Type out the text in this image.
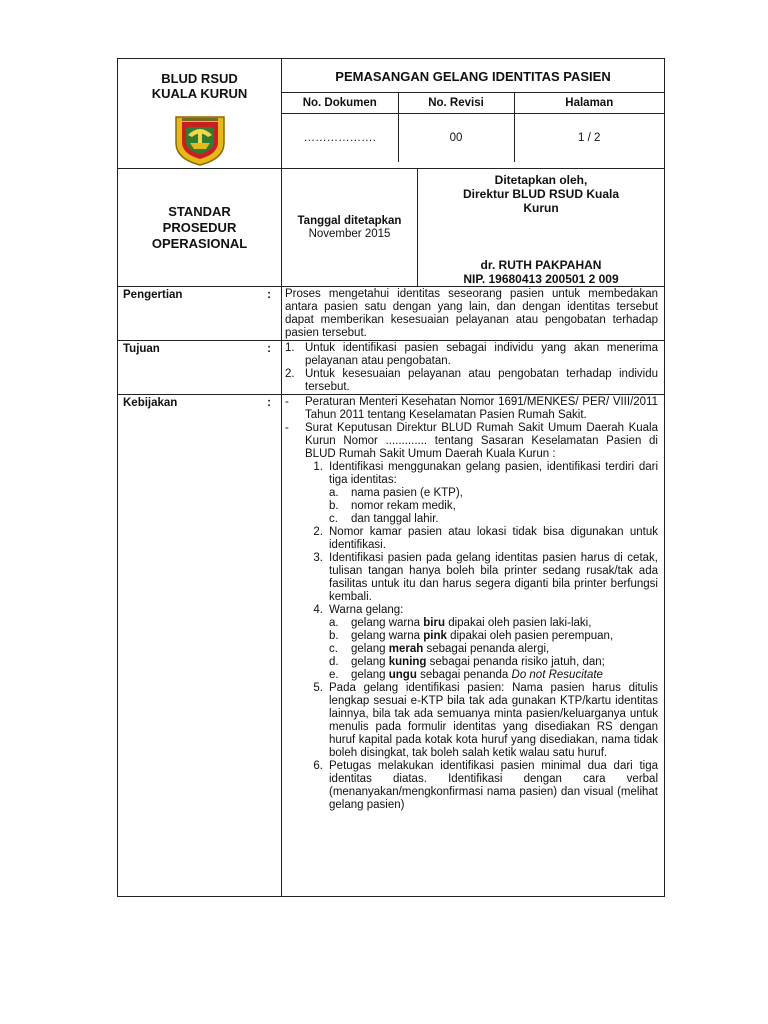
BLUD RSUD
KUALA KURUN

PEMASANGAN GELANG IDENTITAS PASIEN
No. Dokumen	No. Revisi	Halaman
……………….	00	1 / 2

STANDAR
PROSEDUR
OPERASIONAL

Tanggal ditetapkan
November 2015

Ditetapkan oleh,
Direktur BLUD RSUD Kuala
Kurun
dr. RUTH PAKPAHAN
NIP. 19680413 200501 2 009

Pengertian	:	Proses mengetahui identitas seseorang pasien untuk membedakan antara pasien satu dengan yang lain, dan dengan identitas tersebut dapat memberikan kesesuaian pelayanan atau pengobatan terhadap pasien tersebut.

Tujuan	:	1. Untuk identifikasi pasien sebagai individu yang akan menerima pelayanan atau pengobatan.
2. Untuk kesesuaian pelayanan atau pengobatan terhadap individu tersebut.

Kebijakan	:	-	Peraturan Menteri Kesehatan Nomor 1691/MENKES/ PER/ VIII/2011 Tahun 2011 tentang Keselamatan Pasien Rumah Sakit.
-	Surat Keputusan Direktur BLUD Rumah Sakit Umum Daerah Kuala Kurun Nomor ............. tentang Sasaran Keselamatan Pasien di BLUD Rumah Sakit Umum Daerah Kuala Kurun :
1. Identifikasi menggunakan gelang pasien, identifikasi terdiri dari tiga identitas:
a.	nama pasien (e KTP),
b.	nomor rekam medik,
c.	dan tanggal lahir.
2. Nomor kamar pasien atau lokasi tidak bisa digunakan untuk identifikasi.
3. Identifikasi pasien pada gelang identitas pasien harus di cetak, tulisan tangan hanya boleh bila printer sedang rusak/tak ada fasilitas untuk itu dan harus segera diganti bila printer berfungsi kembali.
4. Warna gelang:
a.	gelang warna biru dipakai oleh pasien laki-laki,
b.	gelang warna pink dipakai oleh pasien perempuan,
c.	gelang merah sebagai penanda alergi,
d.	gelang kuning sebagai penanda risiko jatuh, dan;
e.	gelang ungu sebagai penanda Do not Resucitate
5. Pada gelang identifikasi pasien: Nama pasien harus ditulis lengkap sesuai e-KTP bila tak ada gunakan KTP/kartu identitas lainnya, bila tak ada semuanya minta pasien/keluarganya untuk menulis pada formulir identitas yang disediakan RS dengan huruf kapital pada kotak kota huruf yang disediakan, nama tidak boleh disingkat, tak boleh salah ketik walau satu huruf.
6. Petugas melakukan identifikasi pasien minimal dua dari tiga identitas diatas. Identifikasi dengan cara verbal (menanyakan/mengkonfirmasi nama pasien) dan visual (melihat gelang pasien)
